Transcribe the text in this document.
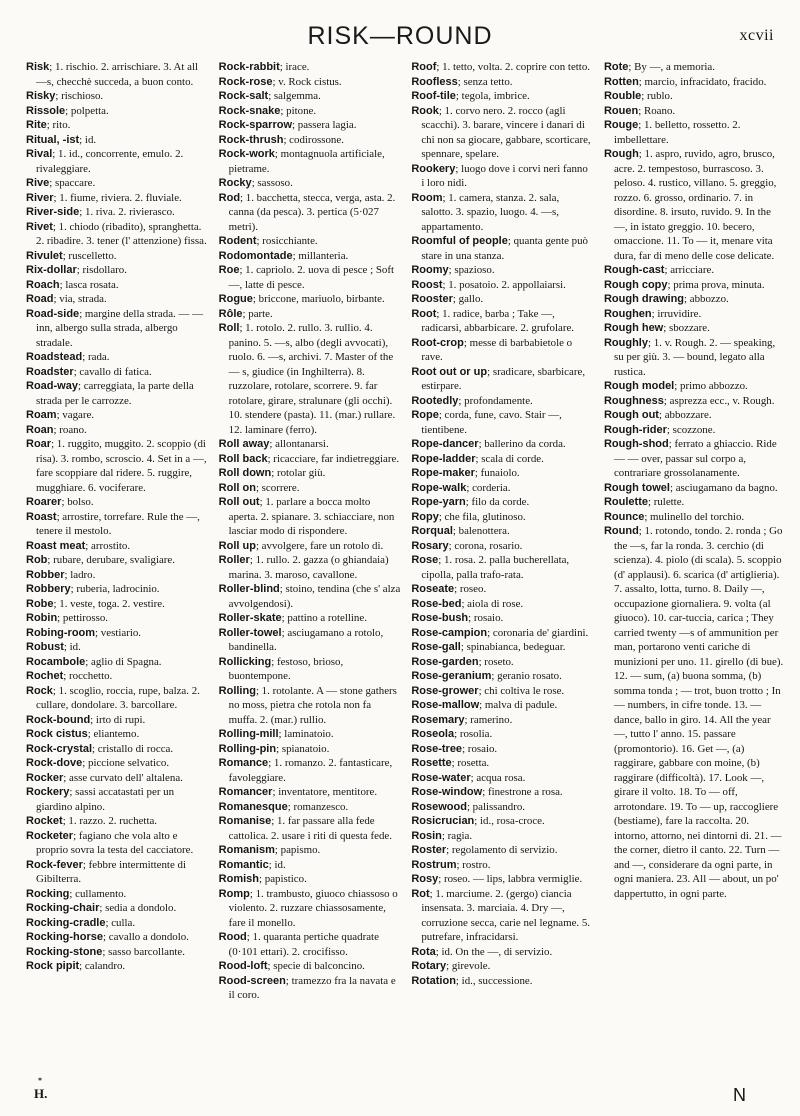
RISK—ROUND	xcvii
Risk; 1. rischio. 2. arrischiare. 3. At all —s, checchè succeda, a buon conto.
Risky; rischioso.
Rissole; polpetta.
Rite; rito.
Ritual, -ist; id.
Rival; 1. id., concorrente, emulo. 2. rivaleggiare.
Rive; spaccare.
River; 1. fiume, riviera. 2. fluviale.
River-side; 1. riva. 2. rivierasco.
Rivet; 1. chiodo (ribadito), spranghetta. 2. ribadire. 3. tener (l' attenzione) fissa.
Rivulet; ruscelletto.
Rix-dollar; risdollaro.
Roach; lasca rosata.
Road; via, strada.
Road-side; margine della strada. — — inn, albergo sulla strada, albergo stradale.
Roadstead; rada.
Roadster; cavallo di fatica.
Road-way; carreggiata, la parte della strada per le carrozze.
Roam; vagare.
Roan; roano.
Roar; 1. ruggito, muggito. 2. scoppio (di risa). 3. rombo, scroscio. 4. Set in a —, fare scoppiare dal ridere. 5. ruggire, mugghiare. 6. vociferare.
Roarer; bolso.
Roast; arrostire, torrefare. Rule the —, tenere il mestolo.
Roast meat; arrostito.
Rob; rubare, derubare, svaligiare.
Robber; ladro.
Robbery; ruberia, ladrocinio.
Robe; 1. veste, toga. 2. vestire.
Robin; pettirosso.
Robing-room; vestiario.
Robust; id.
Rocambole; aglio di Spagna.
Rochet; rocchetto.
Rock; 1. scoglio, roccia, rupe, balza. 2. cullare, dondolare. 3. barcollare.
Rock-bound; irto di rupi.
Rock cistus; eliantemo.
Rock-crystal; cristallo di rocca.
Rock-dove; piccione selvatico.
Rocker; asse curvato dell' altalena.
Rockery; sassi accatastati per un giardino alpino.
Rocket; 1. razzo. 2. ruchetta.
Rocketer; fagiano che vola alto e proprio sovra la testa del cacciatore.
Rock-fever; febbre intermittente di Gibilterra.
Rocking; cullamento.
Rocking-chair; sedia a dondolo.
Rocking-cradle; culla.
Rocking-horse; cavallo a dondolo.
Rocking-stone; sasso barcollante.
Rock pipit; calandro.
Rock-rabbit; irace.
Rock-rose; v. Rock cistus.
Rock-salt; salgemma.
Rock-snake; pitone.
Rock-sparrow; passera lagia.
Rock-thrush; codirossone.
Rock-work; montagnuola artificiale, pietrame.
Rocky; sassoso.
Rod; 1. bacchetta, stecca, verga, asta. 2. canna (da pesca). 3. pertica (5·027 metri).
Rodent; rosicchiante.
Rodomontade; millanteria.
Roe; 1. capriolo. 2. uova di pesce ; Soft —, latte di pesce.
Rogue; briccone, mariuolo, birbante.
Rôle; parte.
Roll; 1. rotolo. 2. rullo. 3. rullio. 4. panino. 5. —s, albo (degli avvocati), ruolo. 6. —s, archivi. 7. Master of the — s, giudice (in Inghilterra). 8. ruzzolare, rotolare, scorrere. 9. far rotolare, girare, stralunare (gli occhi). 10. stendere (pasta). 11. (mar.) rullare. 12. laminare (ferro).
Roll away; allontanarsi.
Roll back; ricacciare, far indietreggiare.
Roll down; rotolar giù.
Roll on; scorrere.
Roll out; 1. parlare a bocca molto aperta. 2. spianare. 3. schiacciare, non lasciar modo di rispondere.
Roll up; avvolgere, fare un rotolo di.
Roller; 1. rullo. 2. gazza (o ghiandaia) marina. 3. maroso, cavallone.
Roller-blind; stoino, tendina (che s' alza avvolgendosi).
Roller-skate; pattino a rotelline.
Roller-towel; asciugamano a rotolo, bandinella.
Rollicking; festoso, brioso, buontempone.
Rolling; 1. rotolante. A — stone gathers no moss, pietra che rotola non fa muffa. 2. (mar.) rullio.
Rolling-mill; laminatoio.
Rolling-pin; spianatoio.
Romance; 1. romanzo. 2. fantasticare, favoleggiare.
Romancer; inventatore, mentitore.
Romanesque; romanzesco.
Romanise; 1. far passare alla fede cattolica. 2. usare i riti di questa fede.
Romanism; papismo.
Romantic; id.
Romish; papistico.
Romp; 1. trambusto, giuoco chiassoso o violento. 2. ruzzare chiassosamente, fare il monello.
Rood; 1. quaranta pertiche quadrate (0·101 ettari). 2. crocifisso.
Rood-loft; specie di balconcino.
Rood-screen; tramezzo fra la navata e il coro.
Roof; 1. tetto, volta. 2. coprire con tetto.
Roofless; senza tetto.
Roof-tile; tegola, imbrice.
Rook; 1. corvo nero. 2. rocco (agli scacchi). 3. barare, vincere i danari di chi non sa giocare, gabbare, scorticare, spennare, spelare.
Rookery; luogo dove i corvi neri fanno i loro nidi.
Room; 1. camera, stanza. 2. sala, salotto. 3. spazio, luogo. 4. —s, appartamento.
Roomful of people; quanta gente può stare in una stanza.
Roomy; spazioso.
Roost; 1. posatoio. 2. appollaiarsi.
Rooster; gallo.
Root; 1. radice, barba ; Take —, radicarsi, abbarbicare. 2. grufolare.
Root-crop; messe di barbabietole o rave.
Root out or up; sradicare, sbarbicare, estirpare.
Rootedly; profondamente.
Rope; corda, fune, cavo. Stair —, tientibene.
Rope-dancer; ballerino da corda.
Rope-ladder; scala di corde.
Rope-maker; funaiolo.
Rope-walk; corderia.
Rope-yarn; filo da corde.
Ropy; che fila, glutinoso.
Rorqual; balenottera.
Rosary; corona, rosario.
Rose; 1. rosa. 2. palla bucherellata, cipolla, palla trafo-rata.
Roseate; roseo.
Rose-bed; aiola di rose.
Rose-bush; rosaio.
Rose-campion; coronaria de' giardini.
Rose-gall; spinabianca, bedeguar.
Rose-garden; roseto.
Rose-geranium; geranio rosato.
Rose-grower; chi coltiva le rose.
Rose-mallow; malva di padule.
Rosemary; ramerino.
Roseola; rosolia.
Rose-tree; rosaio.
Rosette; rosetta.
Rose-water; acqua rosa.
Rose-window; finestrone a rosa.
Rosewood; palissandro.
Rosicrucian; id., rosa-croce.
Rosin; ragia.
Roster; regolamento di servizio.
Rostrum; rostro.
Rosy; roseo. — lips, labbra vermiglie.
Rot; 1. marciume. 2. (gergo) ciancia insensata. 3. marciaia. 4. Dry —, corruzione secca, carie nel legname. 5. putrefare, infracidarsi.
Rota; id. On the —, di servizio.
Rotary; girevole.
Rotation; id., successione.
Rote; By —, a memoria.
Rotten; marcio, infracidato, fracido.
Rouble; rublo.
Rouen; Roano.
Rouge; 1. belletto, rossetto. 2. imbellettare.
Rough; 1. aspro, ruvido, agro, brusco, acre. 2. tempestoso, burrascoso. 3. peloso. 4. rustico, villano. 5. greggio, rozzo. 6. grosso, ordinario. 7. in disordine. 8. irsuto, ruvido. 9. In the —, in istato greggio. 10. becero, omaccione. 11. To — it, menare vita dura, far di meno delle cose delicate.
Rough-cast; arricciare.
Rough copy; prima prova, minuta.
Rough drawing; abbozzo.
Roughen; irruvidire.
Rough hew; sbozzare.
Roughly; 1. v. Rough. 2. — speaking, su per giù. 3. — bound, legato alla rustica.
Rough model; primo abbozzo.
Roughness; asprezza ecc., v. Rough.
Rough out; abbozzare.
Rough-rider; scozzone.
Rough-shod; ferrato a ghiaccio. Ride — — over, passar sul corpo a, contrariare grossolanamente.
Rough towel; asciugamano da bagno.
Roulette; rulette.
Rounce; mulinello del torchio.
Round; 1. rotondo, tondo. 2. ronda ; Go the —s, far la ronda. 3. cerchio (di scienza). 4. piolo (di scala). 5. scoppio (d' applausi). 6. scarica (d' artiglieria). 7. assalto, lotta, turno. 8. Daily —, occupazione giornaliera. 9. volta (al giuoco). 10. car-tuccia, carica ; They carried twenty —s of ammunition per man, portarono venti cariche di munizioni per uno. 11. girello (di bue). 12. — sum, (a) buona somma, (b) somma tonda ; — trot, buon trotto ; In — numbers, in cifre tonde. 13. — dance, ballo in giro. 14. All the year —, tutto l' anno. 15. passare (promontorio). 16. Get —, (a) raggirare, gabbare con moine, (b) raggirare (difficoltà). 17. Look —, girare il volto. 18. To — off, arrotondare. 19. To — up, raccogliere (bestiame), fare la raccolta. 20. intorno, attorno, nei dintorni di. 21. — the corner, dietro il canto. 22. Turn — and —, considerare da ogni parte, in ogni maniera. 23. All — about, un po' dappertutto, in ogni parte.
*
H.	N
